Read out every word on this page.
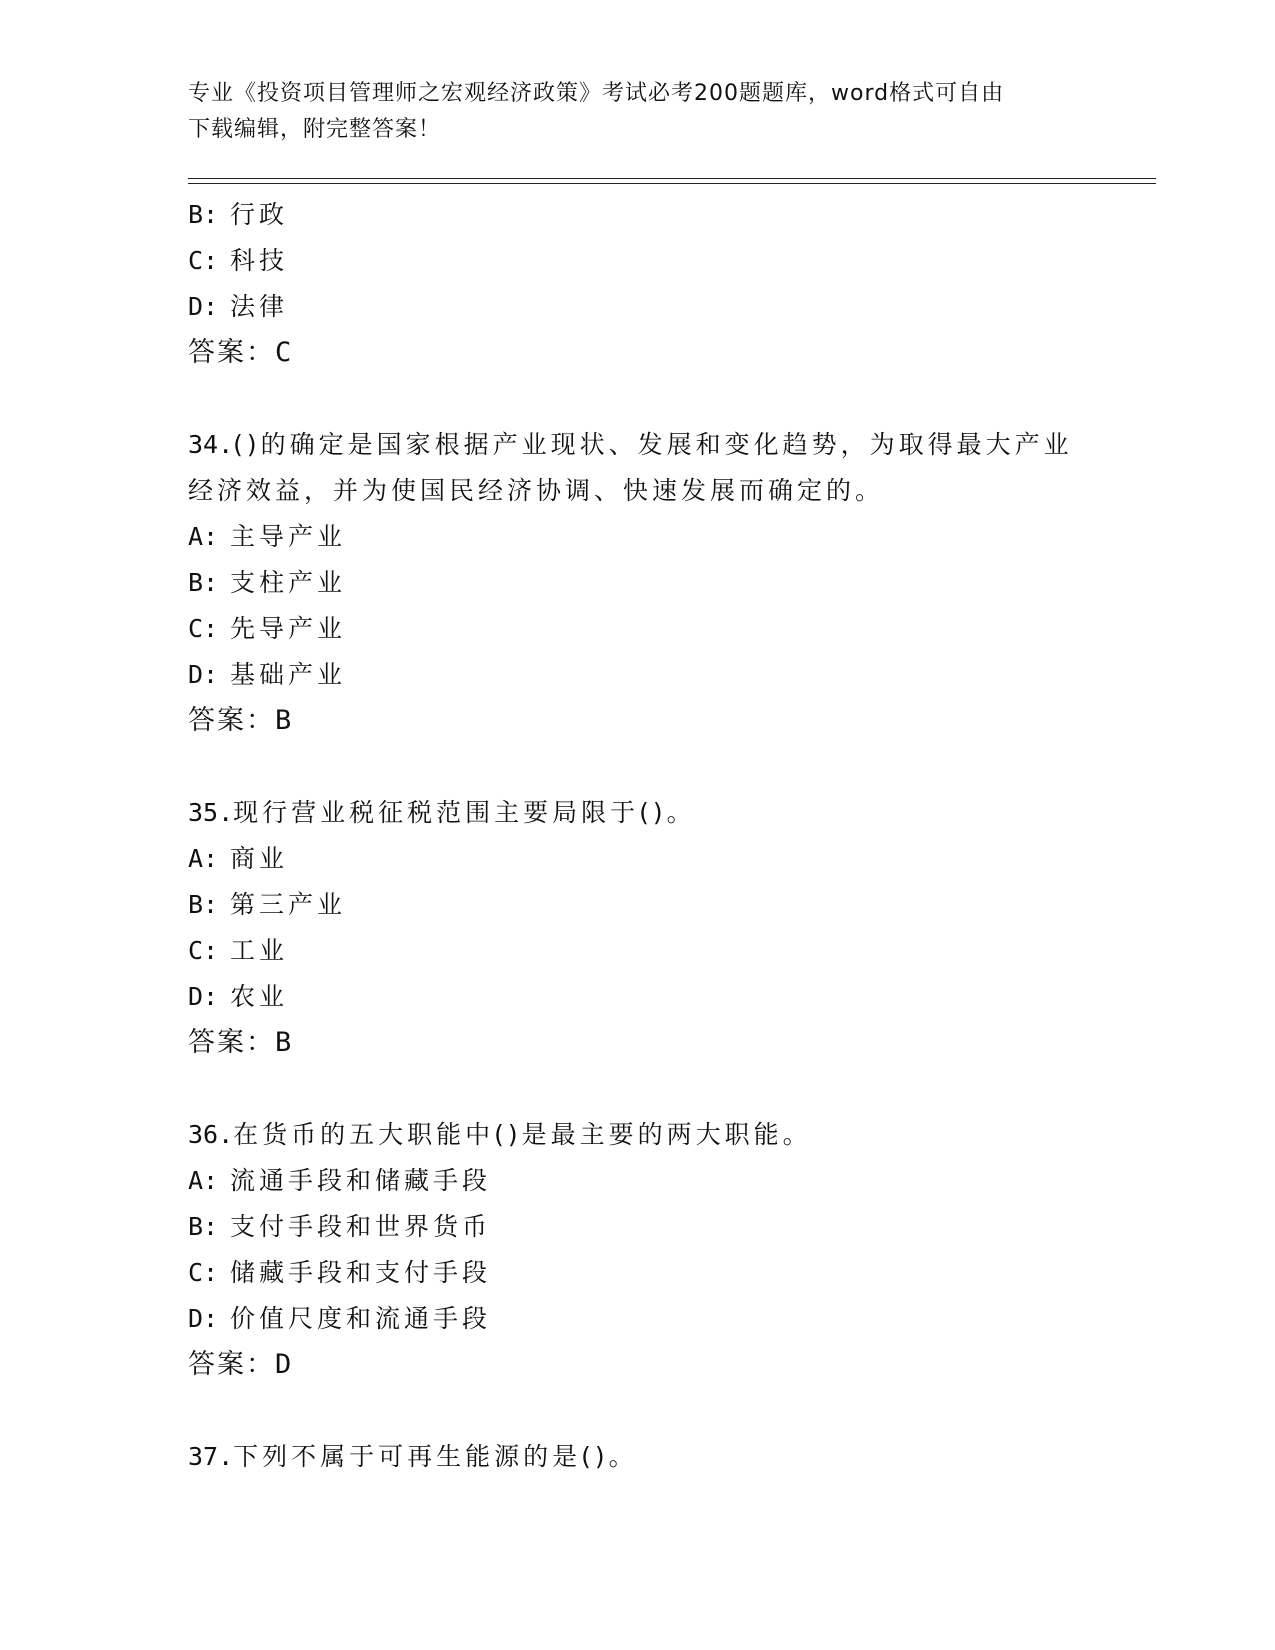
专业《投资项目管理师之宏观经济政策》考试必考200题题库，word格式可自由
下载编辑，附完整答案！
B: 行政
C: 科技
D: 法律
答案：C
34.()的确定是国家根据产业现状、发展和变化趋势，为取得最大产业
经济效益，并为使国民经济协调、快速发展而确定的。
A: 主导产业
B: 支柱产业
C: 先导产业
D: 基础产业
答案：B
35.现行营业税征税范围主要局限于()。
A: 商业
B: 第三产业
C: 工业
D: 农业
答案：B
36.在货币的五大职能中()是最主要的两大职能。
A: 流通手段和储藏手段
B: 支付手段和世界货币
C: 储藏手段和支付手段
D: 价值尺度和流通手段
答案：D
37.下列不属于可再生能源的是()。
